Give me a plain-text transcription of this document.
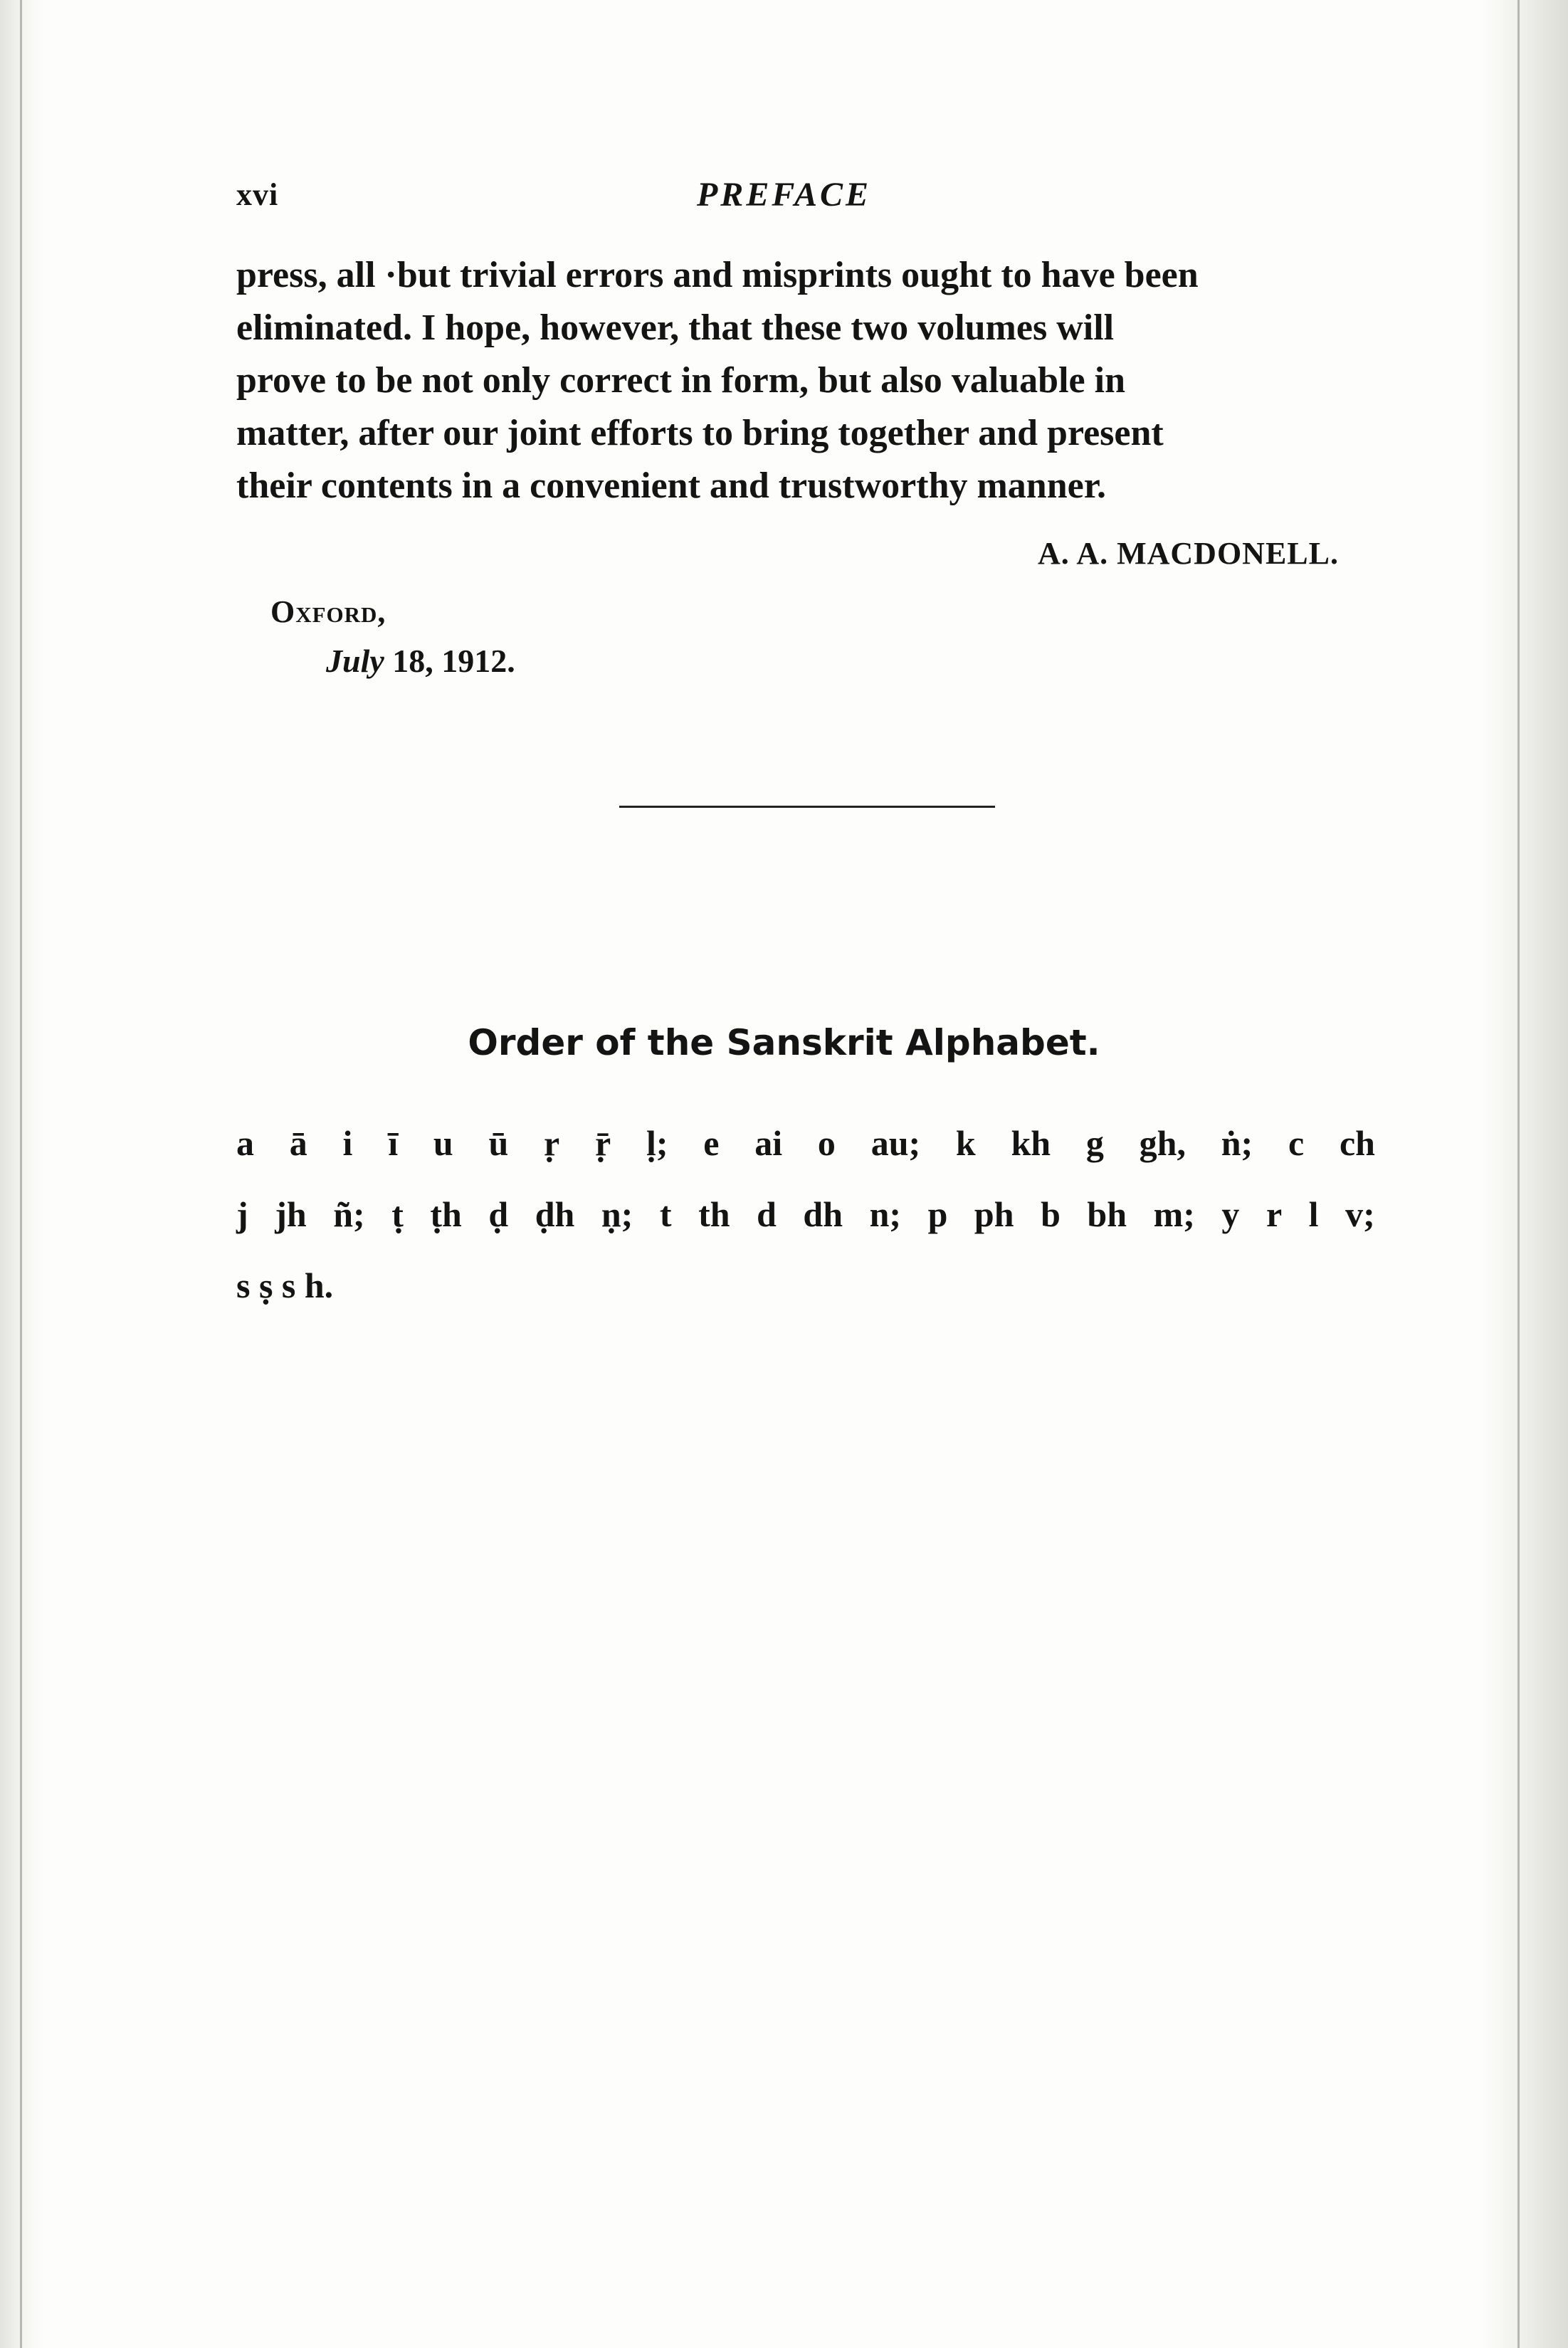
xvi	PREFACE
press, all ·but trivial errors and misprints ought to have been
eliminated. I hope, however, that these two volumes will
prove to be not only correct in form, but also valuable in
matter, after our joint efforts to bring together and present
their contents in a convenient and trustworthy manner.
A. A. MACDONELL.
Oxford,
July 18, 1912.
Order of the Sanskrit Alphabet.
a ā i ī u ū ṛ ṝ ḷ; e ai o au; k kh g gh, ṅ; c ch
j jh ñ; ṭ ṭh ḍ ḍh ṇ; t th d dh n; p ph b bh m; y r l v;
s ṣ s h.
